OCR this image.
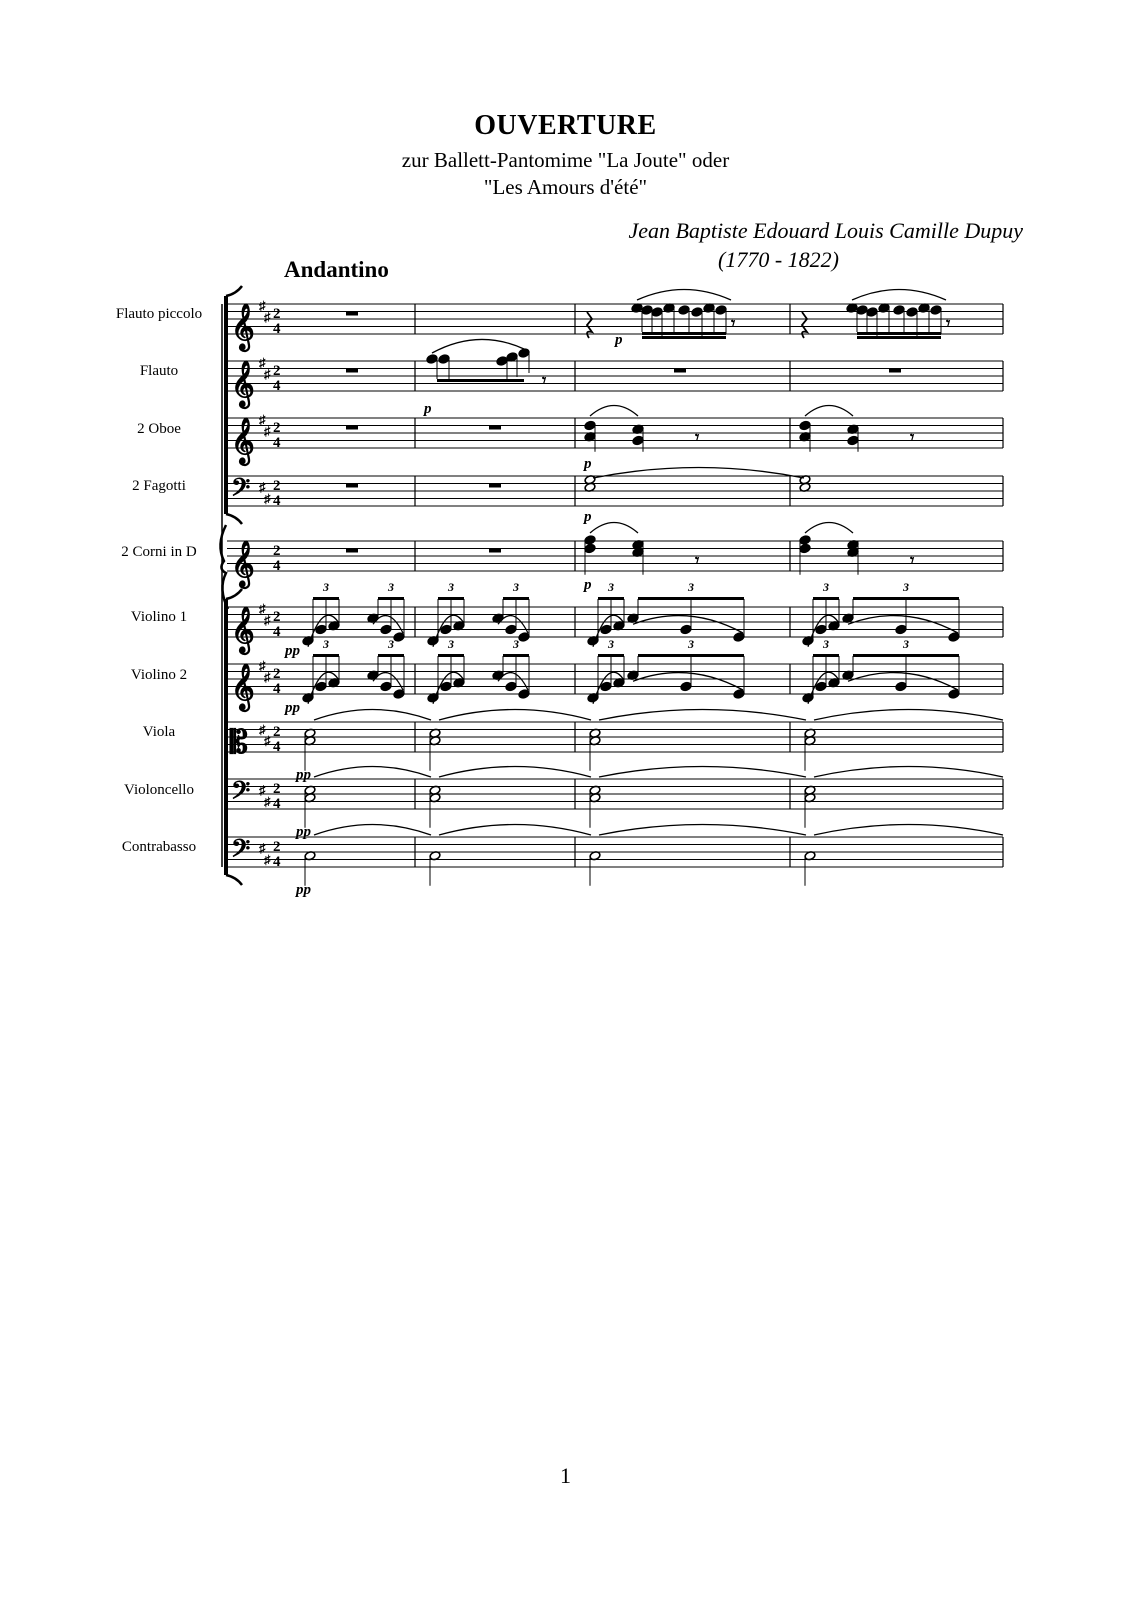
OUVERTURE
zur Ballett-Pantomime "La Joute" oder
"Les Amours d'été"
Jean Baptiste Edouard Louis Camille Dupuy
(1770 - 1822)
Andantino
Flauto piccolo
Flauto
2 Oboe
2 Fagotti
2 Corni in D
Violino 1
Violino 2
Viola
Violoncello
Contrabasso
𝄞 ♯
♯ 2
4
𝄞 ♯
♯ 2
4
𝄞 ♯
♯ 2
4
𝄢 ♯
♯
2
4
𝄞 2
4
𝄞 ♯
♯ 2
4
𝄞 ♯
♯ 2
4
𝄡 ♯
♯
2
4
𝄢 ♯
♯
2
4
𝄢 ♯
♯
2
4
𝄾
p
𝄾
𝄾
p
𝄾
p
𝄾
p
𝄾
p
𝄾
3	3	3	3	3	3	3	3
pp 3	3	3	3	3	3	3	3
pp
pp
pp
pp
1
